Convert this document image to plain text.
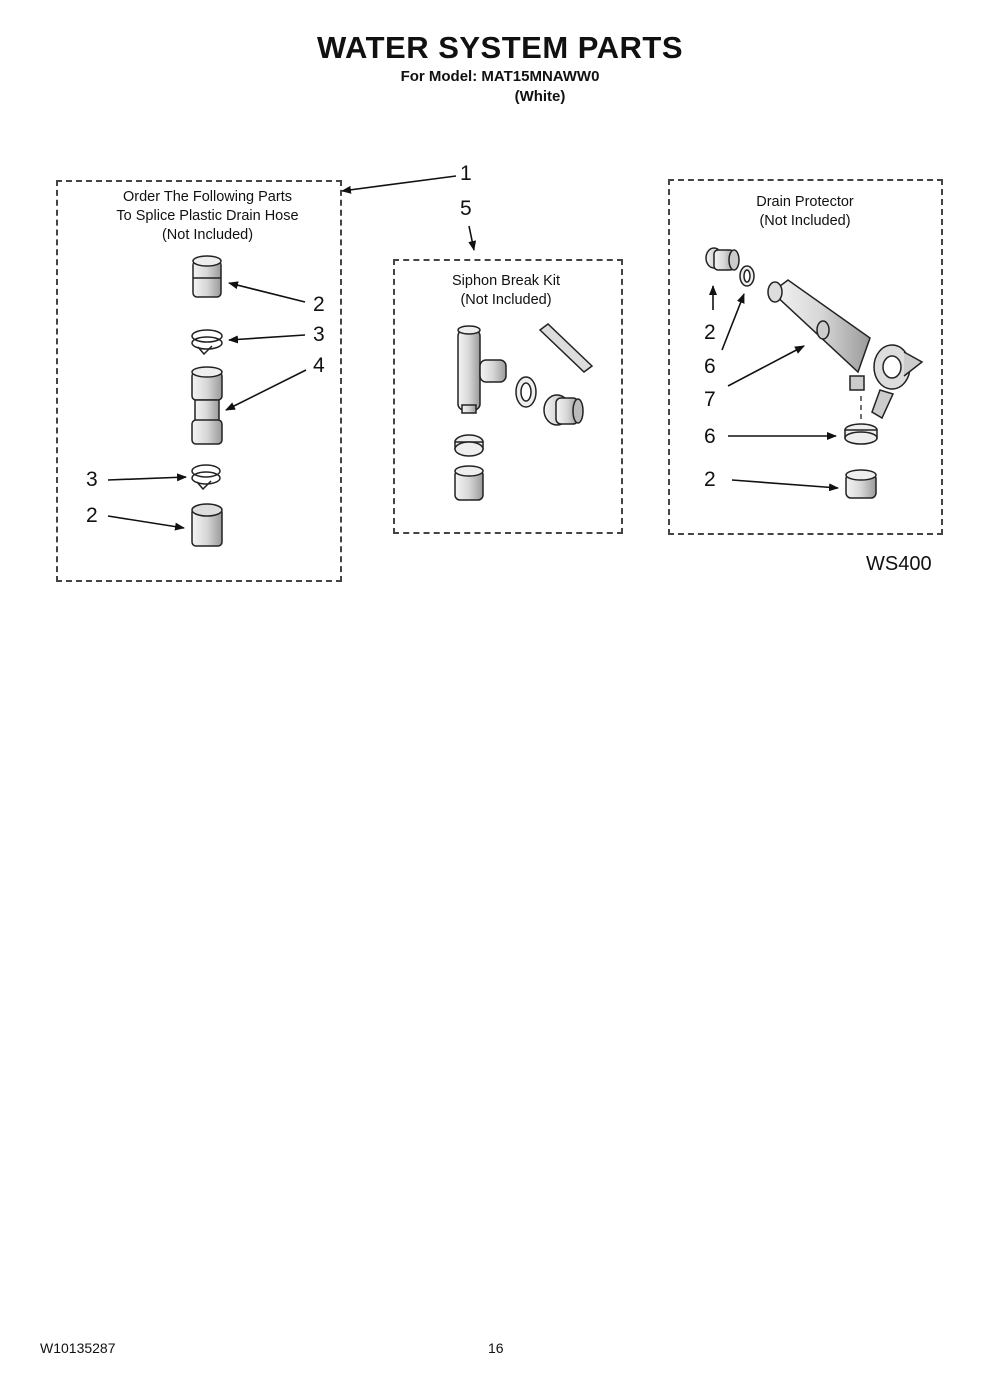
WATER SYSTEM PARTS
For Model: MAT15MNAWW0
(White)
Order The Following Parts
To Splice Plastic Drain Hose
(Not Included)
Siphon Break Kit
(Not Included)
Drain Protector
(Not Included)
1
5
2
3
4
3
2
2
6
7
6
2
WS400
W10135287	16
